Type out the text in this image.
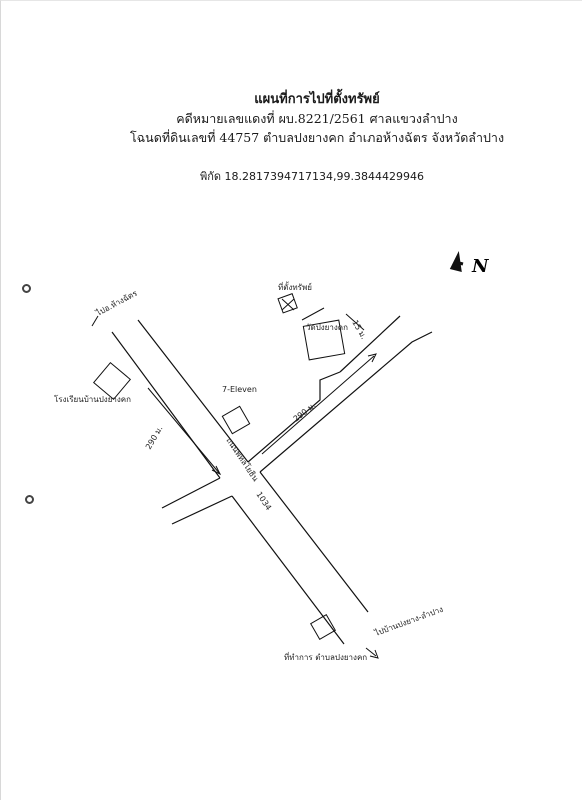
แผนที่การไปที่ตั้งทรัพย์
คดีหมายเลขแดงที่ ผบ.8221/2561 ศาลแขวงลำปาง
โฉนดที่ดินเลขที่ 44757 ตำบลปงยางคก อำเภอห้างฉัตร จังหวัดลำปาง
พิกัด 18.2817394717134,99.3844429946
N
ไปอ.ห้างฉัตร
โรงเรียนบ้านปงยางคก
290 ม.
7-Eleven
ที่ตั้งทรัพย์
วัดปงยางคก 15 ม.
290 ม.
ถนนพหลโยธิน
1034
ไปบ้านปงยาง-ลำปาง
ที่ทำการ ตำบลปงยางคก
